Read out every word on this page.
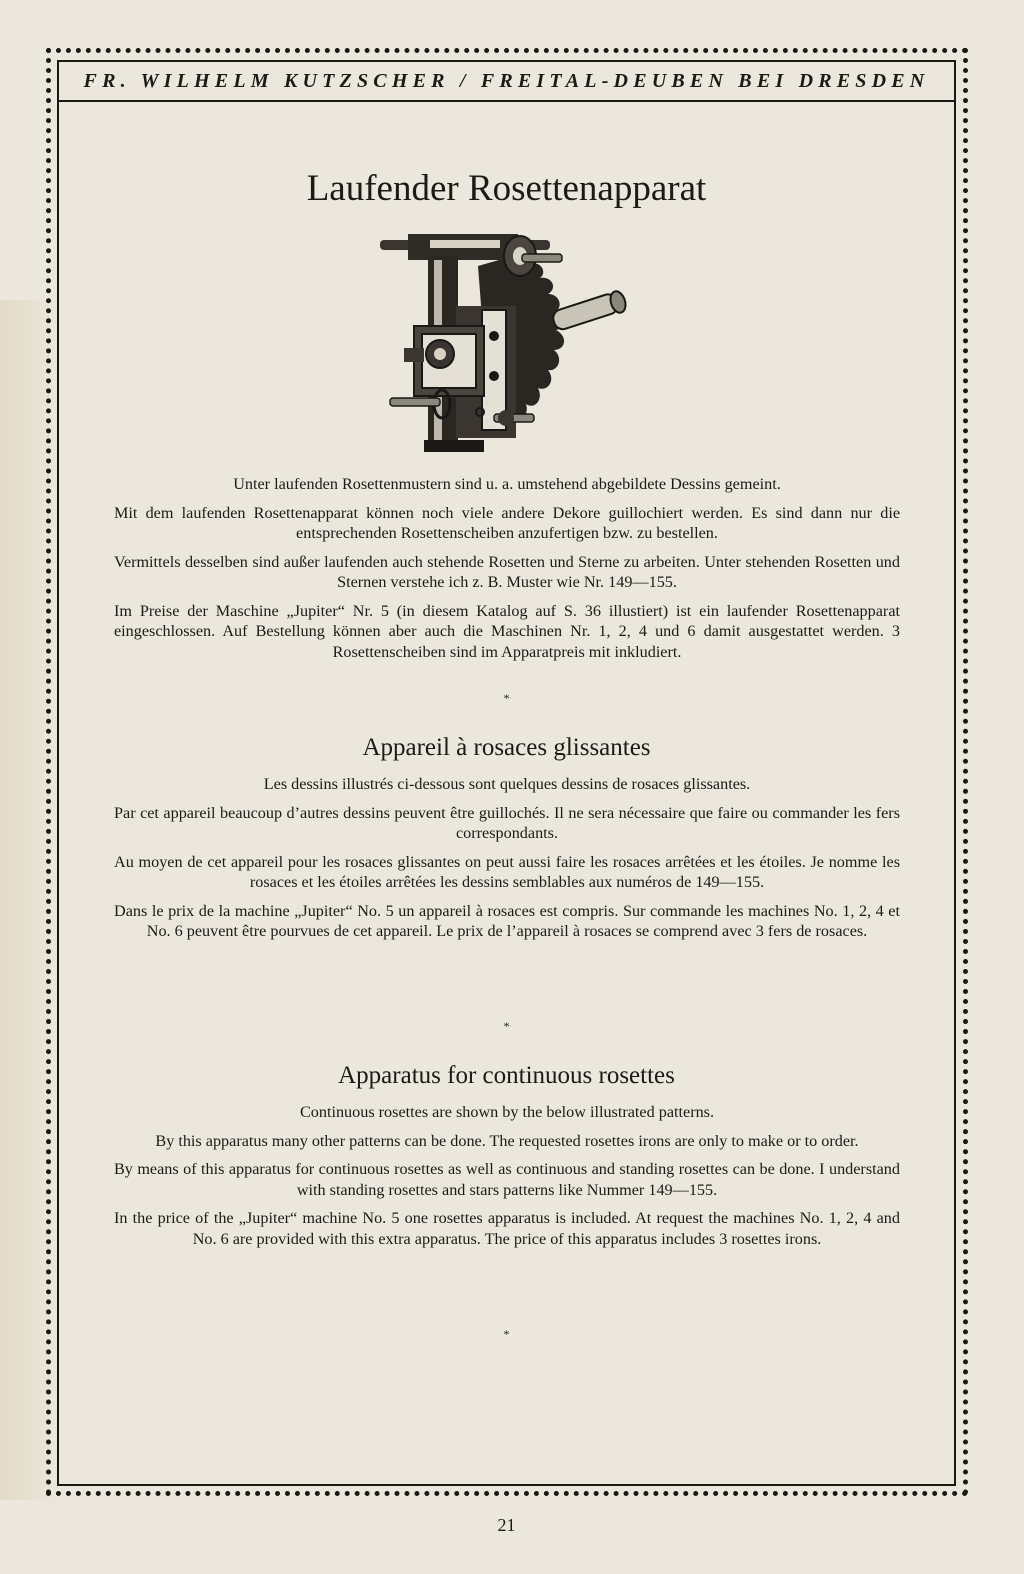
FR. WILHELM KUTZSCHER / FREITAL-DEUBEN BEI DRESDEN
Laufender Rosettenapparat

Unter laufenden Rosettenmustern sind u. a. umstehend abgebildete Dessins gemeint.

Mit dem laufenden Rosettenapparat können noch viele andere Dekore guillochiert werden. Es sind dann nur die entsprechenden Rosettenscheiben anzufertigen bzw. zu bestellen.

Vermittels desselben sind außer laufenden auch stehende Rosetten und Sterne zu arbeiten. Unter stehenden Rosetten und Sternen verstehe ich z. B. Muster wie Nr. 149—155.

Im Preise der Maschine „Jupiter“ Nr. 5 (in diesem Katalog auf S. 36 illustiert) ist ein laufender Rosettenapparat eingeschlossen. Auf Bestellung können aber auch die Maschinen Nr. 1, 2, 4 und 6 damit ausgestattet werden. 3 Rosettenscheiben sind im Apparatpreis mit inkludiert.

*
Appareil à rosaces glissantes

Les dessins illustrés ci-dessous sont quelques dessins de rosaces glissantes.

Par cet appareil beaucoup d’autres dessins peuvent être guillochés. Il ne sera nécessaire que faire ou commander les fers correspondants.

Au moyen de cet appareil pour les rosaces glissantes on peut aussi faire les rosaces arrêtées et les étoiles. Je nomme les rosaces et les étoiles arrêtées les dessins semblables aux numéros de 149—155.

Dans le prix de la machine „Jupiter“ No. 5 un appareil à rosaces est compris. Sur commande les machines No. 1, 2, 4 et No. 6 peuvent être pourvues de cet appareil. Le prix de l’appareil à rosaces se comprend avec 3 fers de rosaces.

*
Apparatus for continuous rosettes

Continuous rosettes are shown by the below illustrated patterns.

By this apparatus many other patterns can be done. The requested rosettes irons are only to make or to order.

By means of this apparatus for continuous rosettes as well as continuous and standing rosettes can be done. I understand with standing rosettes and stars patterns like Nummer 149—155.

In the price of the „Jupiter“ machine No. 5 one rosettes apparatus is included. At request the machines No. 1, 2, 4 and No. 6 are provided with this extra apparatus. The price of this apparatus includes 3 rosettes irons.

*
21
